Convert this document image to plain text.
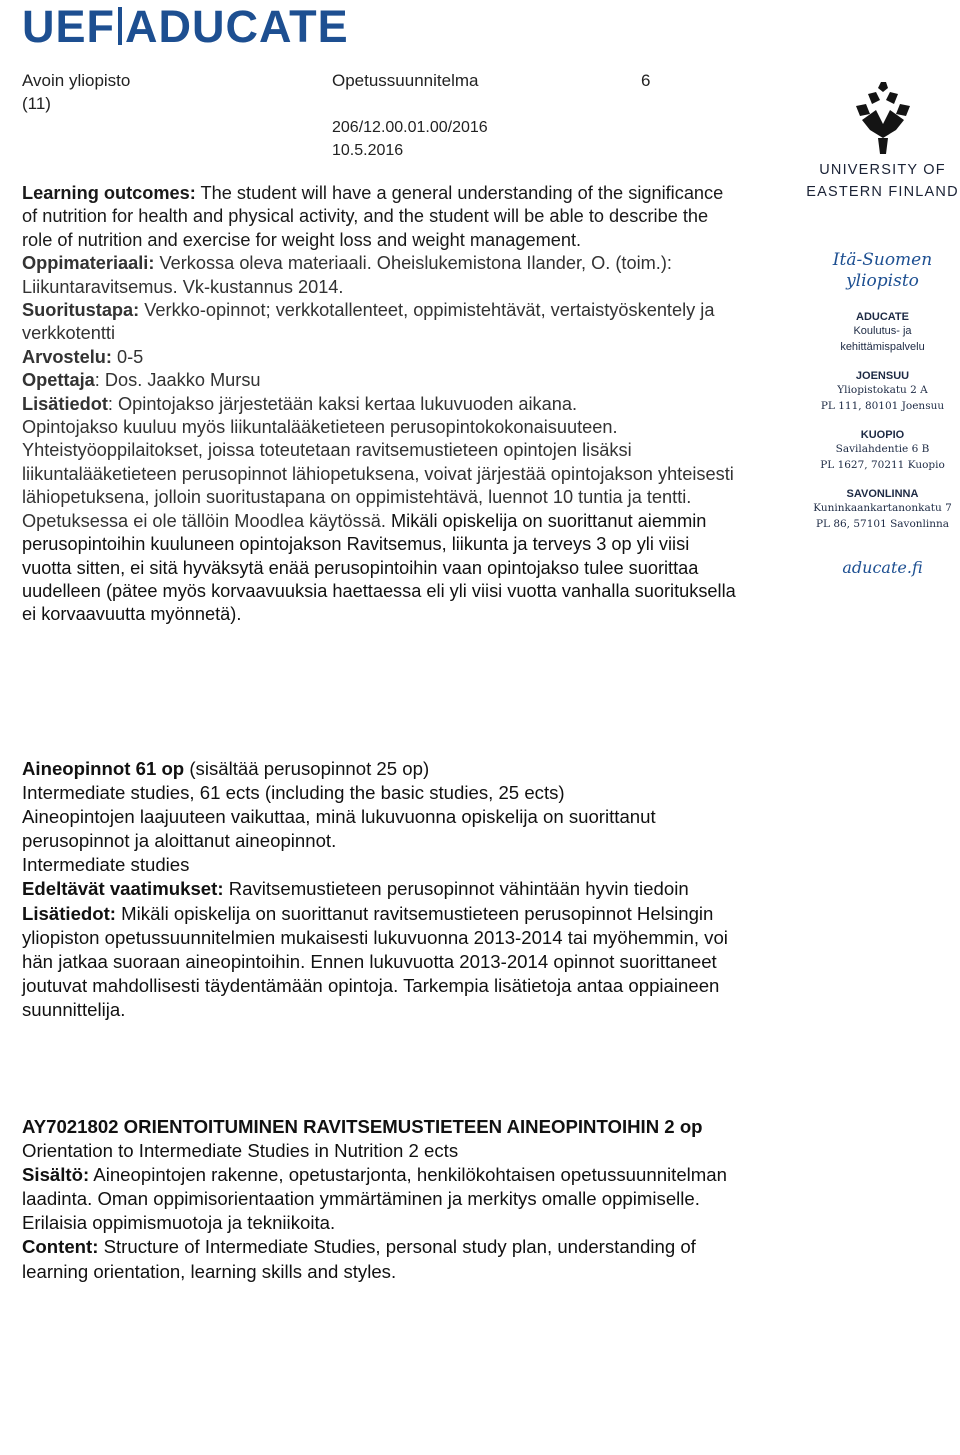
UEF ADUCATE
Avoin yliopisto
(11)
Opetussuunnitelma	6
206/12.00.01.00/2016
10.5.2016
UNIVERSITY OF
EASTERN FINLAND
Itä-Suomen
yliopisto
ADUCATE
Koulutus- ja
kehittämispalvelu
JOENSUU
Yliopistokatu 2 A
PL 111, 80101 Joensuu
KUOPIO
Savilahdentie 6 B
PL 1627, 70211 Kuopio
SAVONLINNA
Kuninkaankartanonkatu 7
PL 86, 57101 Savonlinna
aducate.fi

Learning outcomes: The student will have a general understanding of the significance of nutrition for health and physical activity, and the student will be able to describe the role of nutrition and exercise for weight loss and weight management.

Oppimateriaali: Verkossa oleva materiaali. Oheislukemistona Ilander, O. (toim.): Liikuntaravitsemus. Vk-kustannus 2014.

Suoritustapa: Verkko-opinnot; verkkotallenteet, oppimistehtävät, vertaistyöskentely ja verkkotentti

Arvostelu: 0-5

Opettaja: Dos. Jaakko Mursu

Lisätiedot: Opintojakso järjestetään kaksi kertaa lukuvuoden aikana.

Opintojakso kuuluu myös liikuntalääketieteen perusopintokokonaisuuteen.

Yhteistyöoppilaitokset, joissa toteutetaan ravitsemustieteen opintojen lisäksi liikuntalääketieteen perusopinnot lähiopetuksena, voivat järjestää opintojakson yhteisesti lähiopetuksena, jolloin suoritustapana on oppimistehtävä, luennot 10 tuntia ja tentti. Opetuksessa ei ole tällöin Moodlea käytössä. Mikäli opiskelija on suorittanut aiemmin perusopintoihin kuuluneen opintojakson Ravitsemus, liikunta ja terveys 3 op yli viisi vuotta sitten, ei sitä hyväksytä enää perusopintoihin vaan opintojakso tulee suorittaa uudelleen (pätee myös korvaavuuksia haettaessa eli yli viisi vuotta vanhalla suorituksella ei korvaavuutta myönnetä).

Aineopinnot 61 op (sisältää perusopinnot 25 op)

Intermediate studies, 61 ects (including the basic studies, 25 ects)

Aineopintojen laajuuteen vaikuttaa, minä lukuvuonna opiskelija on suorittanut perusopinnot ja aloittanut aineopinnot.

Intermediate studies

Edeltävät vaatimukset: Ravitsemustieteen perusopinnot vähintään hyvin tiedoin

Lisätiedot: Mikäli opiskelija on suorittanut ravitsemustieteen perusopinnot Helsingin yliopiston opetussuunnitelmien mukaisesti lukuvuonna 2013-2014 tai myöhemmin, voi hän jatkaa suoraan aineopintoihin. Ennen lukuvuotta 2013-2014 opinnot suorittaneet joutuvat mahdollisesti täydentämään opintoja. Tarkempia lisätietoja antaa oppiaineen suunnittelija.

AY7021802 ORIENTOITUMINEN RAVITSEMUSTIETEEN AINEOPINTOIHIN 2 op

Orientation to Intermediate Studies in Nutrition 2 ects

Sisältö: Aineopintojen rakenne, opetustarjonta, henkilökohtaisen opetussuunnitelman laadinta. Oman oppimisorientaation ymmärtäminen ja merkitys omalle oppimiselle. Erilaisia oppimismuotoja ja tekniikoita.

Content: Structure of Intermediate Studies, personal study plan, understanding of learning orientation, learning skills and styles.
